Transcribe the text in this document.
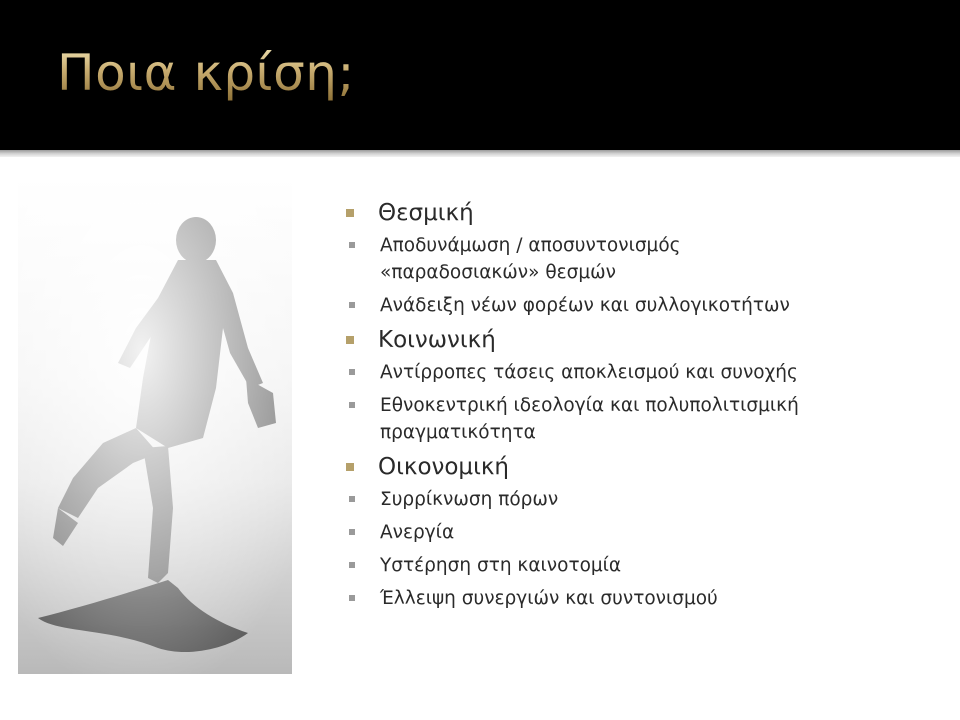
Ποια κρίση;
Θεσμική
Αποδυνάμωση / αποσυντονισμός
«παραδοσιακών» θεσμών
Ανάδειξη νέων φορέων και συλλογικοτήτων
Κοινωνική
Αντίρροπες τάσεις αποκλεισμού και συνοχής
Εθνοκεντρική ιδεολογία και πολυπολιτισμική
πραγματικότητα
Οικονομική
Συρρίκνωση πόρων
Ανεργία
Υστέρηση στη καινοτομία
Έλλειψη συνεργιών και συντονισμού
